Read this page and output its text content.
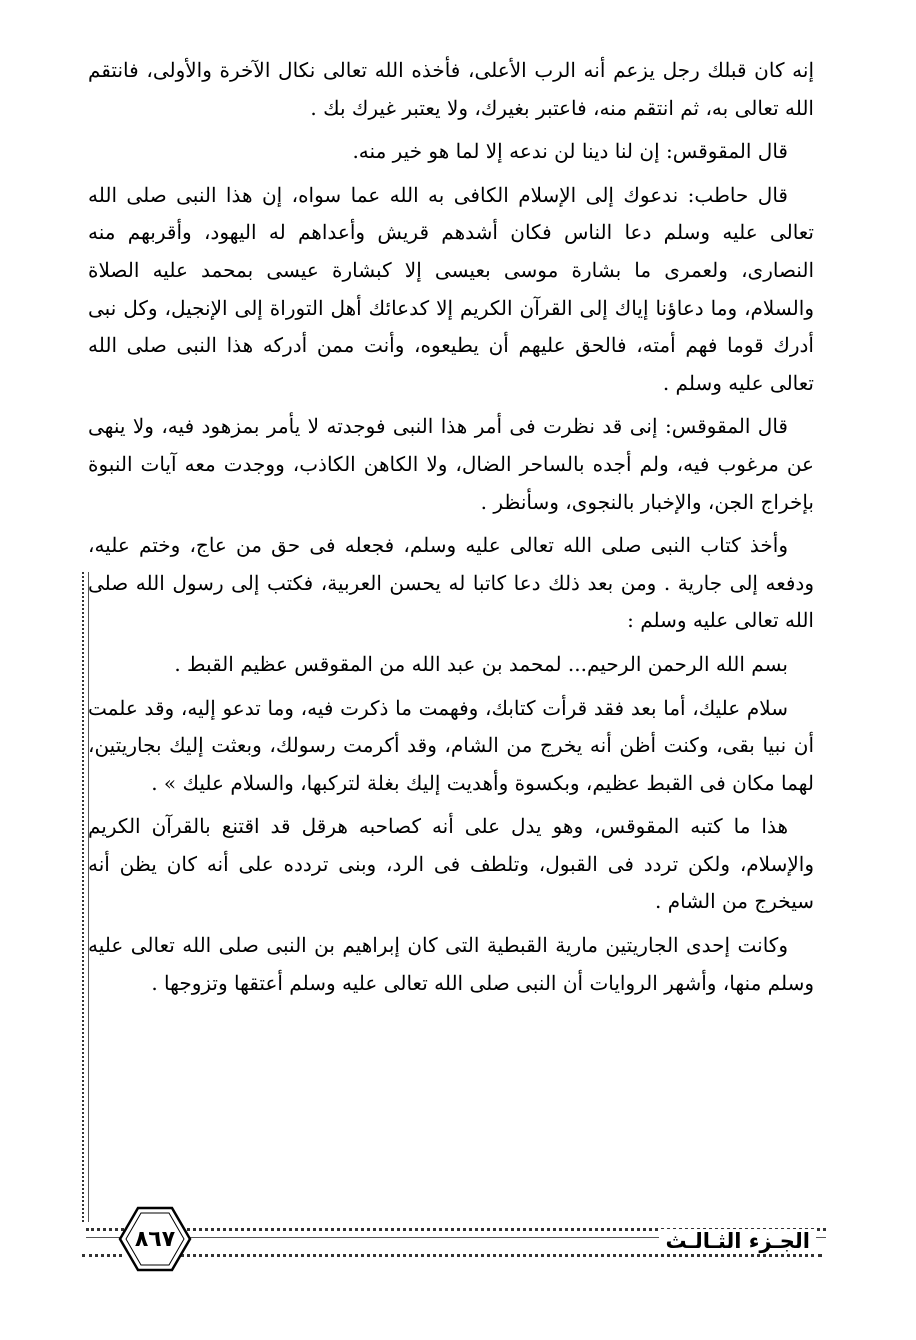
إنه كان قبلك رجل يزعم أنه الرب الأعلى، فأخذه الله تعالى نكال الآخرة والأولى، فانتقم الله تعالى به، ثم انتقم منه، فاعتبر بغيرك، ولا يعتبر غيرك بك .

قال المقوقس: إن لنا دينا لن ندعه إلا لما هو خير منه.

قال حاطب: ندعوك إلى الإسلام الكافى به الله عما سواه، إن هذا النبى صلى الله تعالى عليه وسلم دعا الناس فكان أشدهم قريش وأعداهم له اليهود، وأقربهم منه النصارى، ولعمرى ما بشارة موسى بعيسى إلا كبشارة عيسى بمحمد عليه الصلاة والسلام، وما دعاؤنا إياك إلى القرآن الكريم إلا كدعائك أهل التوراة إلى الإنجيل، وكل نبى أدرك قوما فهم أمته، فالحق عليهم أن يطيعوه، وأنت ممن أدركه هذا النبى صلى الله تعالى عليه وسلم .

قال المقوقس: إنى قد نظرت فى أمر هذا النبى فوجدته لا يأمر بمزهود فيه، ولا ينهى عن مرغوب فيه، ولم أجده بالساحر الضال، ولا الكاهن الكاذب، ووجدت معه آيات النبوة بإخراج الجن، والإخبار بالنجوى، وسأنظر .

وأخذ كتاب النبى صلى الله تعالى عليه وسلم، فجعله فى حق من عاج، وختم عليه، ودفعه إلى جارية . ومن بعد ذلك دعا كاتبا له يحسن العربية، فكتب إلى رسول الله صلى الله تعالى عليه وسلم :

بسم الله الرحمن الرحيم... لمحمد بن عبد الله من المقوقس عظيم القبط .

سلام عليك، أما بعد فقد قرأت كتابك، وفهمت ما ذكرت فيه، وما تدعو إليه، وقد علمت أن نبيا بقى، وكنت أظن أنه يخرج من الشام، وقد أكرمت رسولك، وبعثت إليك بجاريتين، لهما مكان فى القبط عظيم، وبكسوة وأهديت إليك بغلة لتركبها، والسلام عليك » .

هذا ما كتبه المقوقس، وهو يدل على أنه كصاحبه هرقل قد اقتنع بالقرآن الكريم والإسلام، ولكن تردد فى القبول، وتلطف فى الرد، وبنى تردده على أنه كان يظن أنه سيخرج من الشام .

وكانت إحدى الجاريتين مارية القبطية التى كان إبراهيم بن النبى صلى الله تعالى عليه وسلم منها، وأشهر الروايات أن النبى صلى الله تعالى عليه وسلم أعتقها وتزوجها .

٨٦٧	الجـزء الثـالـث
